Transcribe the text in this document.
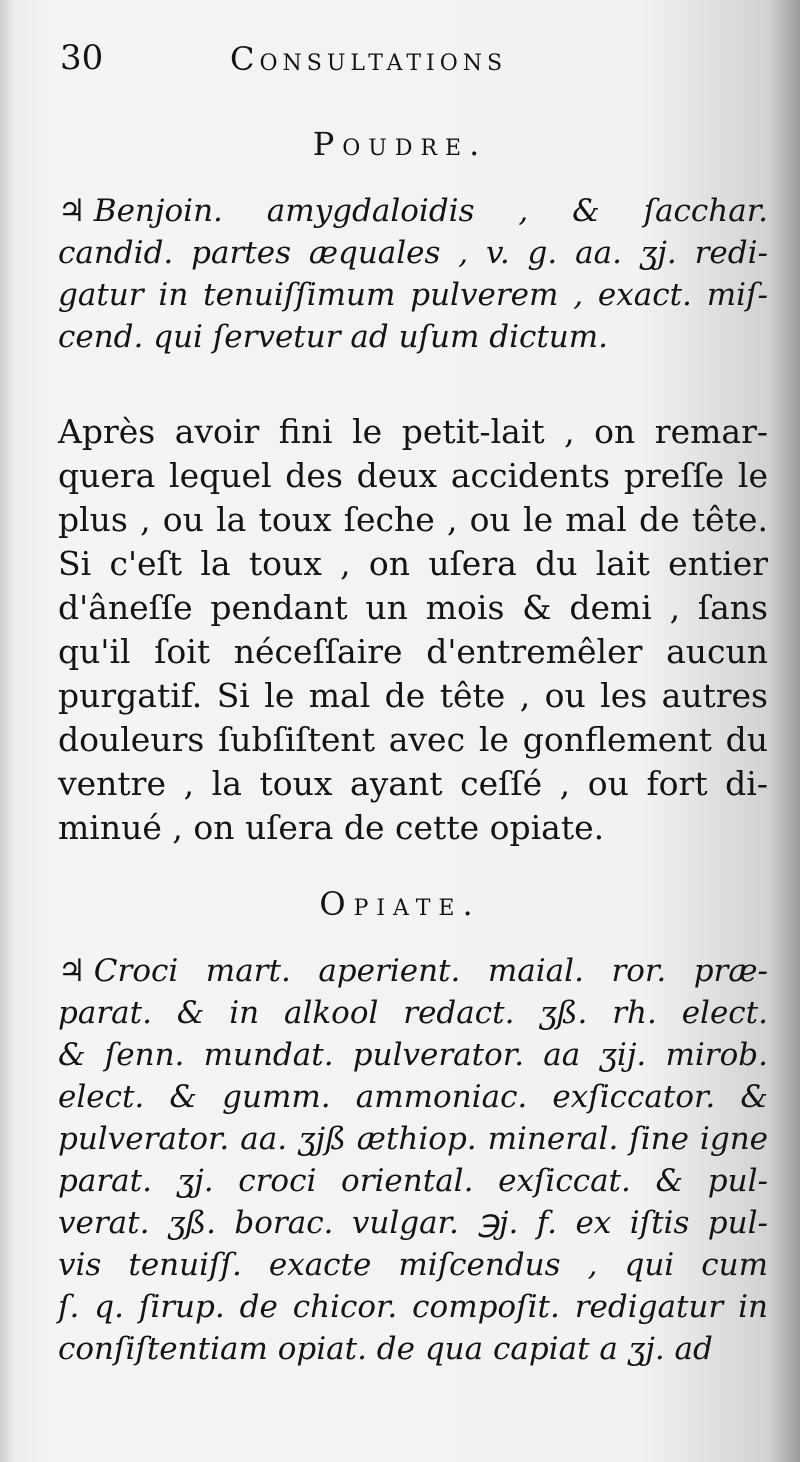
30	Consultations
Poudre.

♃ Benjoin. amygdaloidis , & ſacchar.
candid. partes æquales , v. g. aa. ʒj. redi-
gatur in tenuiſſimum pulverem , exact. miſ-
cend. qui ſervetur ad uſum dictum.

Après avoir fini le petit-lait , on remar-
quera lequel des deux accidents preſſe le
plus , ou la toux ſeche , ou le mal de tête.
Si c'eſt la toux , on uſera du lait entier
d'âneſſe pendant un mois & demi , ſans
qu'il ſoit néceſſaire d'entremêler aucun
purgatif. Si le mal de tête , ou les autres
douleurs ſubſiſtent avec le gonflement du
ventre , la toux ayant ceſſé , ou fort di-
minué , on uſera de cette opiate.

Opiate.

♃ Croci mart. aperient. maial. ror. præ-
parat. & in alkool redact. ʒß. rh. elect.
& ſenn. mundat. pulverator. aa ʒij. mirob.
elect. & gumm. ammoniac. exſiccator. &
pulverator. aa. ʒjß æthiop. mineral. ſine igne
parat. ʒj. croci oriental. exſiccat. & pul-
verat. ʒß. borac. vulgar. ℈j. f. ex iſtis pul-
vis tenuiſſ. exacte miſcendus , qui cum
ſ. q. ſirup. de chicor. compoſit. redigatur in
conſiſtentiam opiat. de qua capiat a ʒj. ad
